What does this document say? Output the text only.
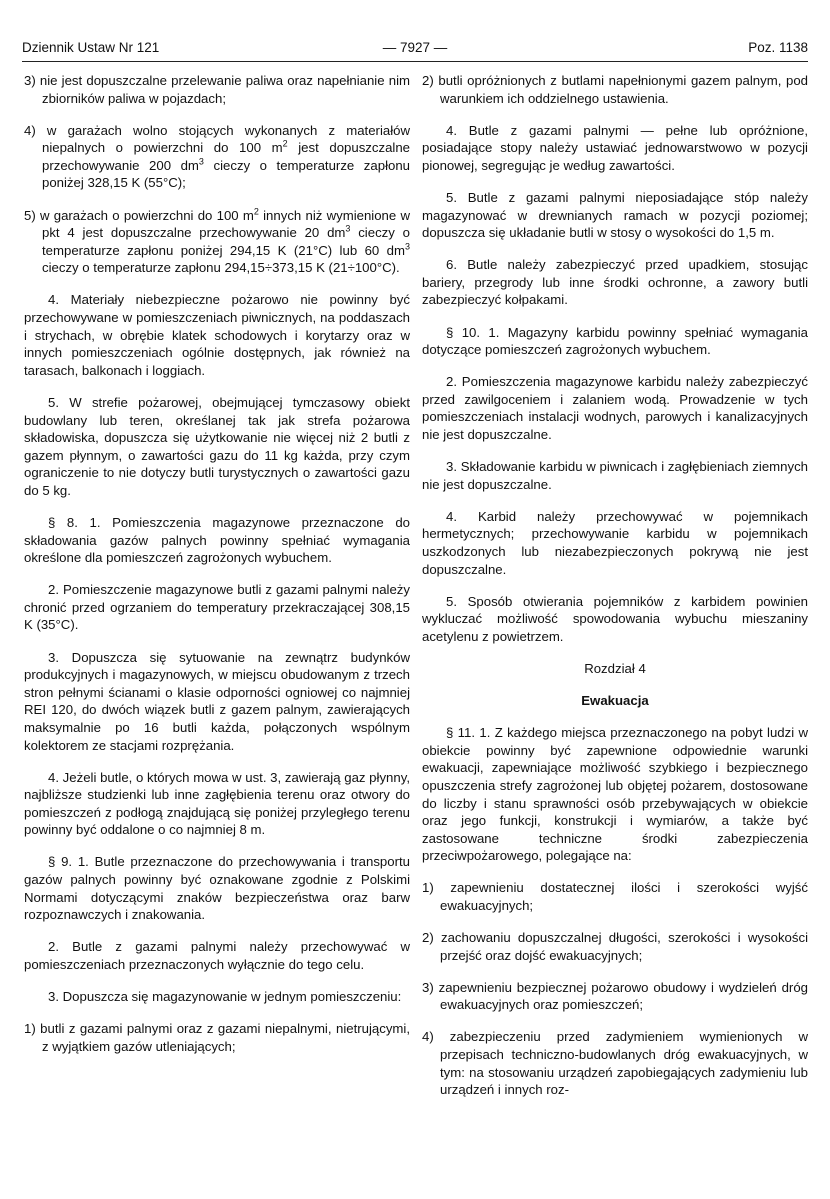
Dziennik Ustaw Nr 121	— 7927 —	Poz. 1138

3) nie jest dopuszczalne przelewanie paliwa oraz napełnianie nim zbiorników paliwa w pojazdach;

4) w garażach wolno stojących wykonanych z materiałów niepalnych o powierzchni do 100 $m^2$ jest dopuszczalne przechowywanie 200 $dm^3$ cieczy o temperaturze zapłonu poniżej 328,15 K (55°C);

5) w garażach o powierzchni do 100 $m^2$ innych niż wymienione w pkt 4 jest dopuszczalne przechowywanie 20 $dm^3$ cieczy o temperaturze zapłonu poniżej 294,15 K (21°C) lub 60 $dm^3$ cieczy o temperaturze zapłonu 294,15÷373,15 K (21÷100°C).

4. Materiały niebezpieczne pożarowo nie powinny być przechowywane w pomieszczeniach piwnicznych, na poddaszach i strychach, w obrębie klatek schodowych i korytarzy oraz w innych pomieszczeniach ogólnie dostępnych, jak również na tarasach, balkonach i loggiach.

5. W strefie pożarowej, obejmującej tymczasowy obiekt budowlany lub teren, określanej tak jak strefa pożarowa składowiska, dopuszcza się użytkowanie nie więcej niż 2 butli z gazem płynnym, o zawartości gazu do 11 kg każda, przy czym ograniczenie to nie dotyczy butli turystycznych o zawartości gazu do 5 kg.

§ 8. 1. Pomieszczenia magazynowe przeznaczone do składowania gazów palnych powinny spełniać wymagania określone dla pomieszczeń zagrożonych wybuchem.

2. Pomieszczenie magazynowe butli z gazami palnymi należy chronić przed ogrzaniem do temperatury przekraczającej 308,15 K (35°C).

3. Dopuszcza się sytuowanie na zewnątrz budynków produkcyjnych i magazynowych, w miejscu obudowanym z trzech stron pełnymi ścianami o klasie odporności ogniowej co najmniej REI 120, do dwóch wiązek butli z gazem palnym, zawierających maksymalnie po 16 butli każda, połączonych wspólnym kolektorem ze stacjami rozprężania.

4. Jeżeli butle, o których mowa w ust. 3, zawierają gaz płynny, najbliższe studzienki lub inne zagłębienia terenu oraz otwory do pomieszczeń z podłogą znajdującą się poniżej przyległego terenu powinny być oddalone o co najmniej 8 m.

§ 9. 1. Butle przeznaczone do przechowywania i transportu gazów palnych powinny być oznakowane zgodnie z Polskimi Normami dotyczącymi znaków bezpieczeństwa oraz barw rozpoznawczych i znakowania.

2. Butle z gazami palnymi należy przechowywać w pomieszczeniach przeznaczonych wyłącznie do tego celu.

3. Dopuszcza się magazynowanie w jednym pomieszczeniu:

1) butli z gazami palnymi oraz z gazami niepalnymi, nietrującymi, z wyjątkiem gazów utleniających;

2) butli opróżnionych z butlami napełnionymi gazem palnym, pod warunkiem ich oddzielnego ustawienia.

4. Butle z gazami palnymi — pełne lub opróżnione, posiadające stopy należy ustawiać jednowarstwowo w pozycji pionowej, segregując je według zawartości.

5. Butle z gazami palnymi nieposiadające stóp należy magazynować w drewnianych ramach w pozycji poziomej; dopuszcza się układanie butli w stosy o wysokości do 1,5 m.

6. Butle należy zabezpieczyć przed upadkiem, stosując bariery, przegrody lub inne środki ochronne, a zawory butli zabezpieczyć kołpakami.

§ 10. 1. Magazyny karbidu powinny spełniać wymagania dotyczące pomieszczeń zagrożonych wybuchem.

2. Pomieszczenia magazynowe karbidu należy zabezpieczyć przed zawilgoceniem i zalaniem wodą. Prowadzenie w tych pomieszczeniach instalacji wodnych, parowych i kanalizacyjnych nie jest dopuszczalne.

3. Składowanie karbidu w piwnicach i zagłębieniach ziemnych nie jest dopuszczalne.

4. Karbid należy przechowywać w pojemnikach hermetycznych; przechowywanie karbidu w pojemnikach uszkodzonych lub niezabezpieczonych pokrywą nie jest dopuszczalne.

5. Sposób otwierania pojemników z karbidem powinien wykluczać możliwość spowodowania wybuchu mieszaniny acetylenu z powietrzem.

Rozdział 4

Ewakuacja

§ 11. 1. Z każdego miejsca przeznaczonego na pobyt ludzi w obiekcie powinny być zapewnione odpowiednie warunki ewakuacji, zapewniające możliwość szybkiego i bezpiecznego opuszczenia strefy zagrożonej lub objętej pożarem, dostosowane do liczby i stanu sprawności osób przebywających w obiekcie oraz jego funkcji, konstrukcji i wymiarów, a także być zastosowane techniczne środki zabezpieczenia przeciwpożarowego, polegające na:

1) zapewnieniu dostatecznej ilości i szerokości wyjść ewakuacyjnych;

2) zachowaniu dopuszczalnej długości, szerokości i wysokości przejść oraz dojść ewakuacyjnych;

3) zapewnieniu bezpiecznej pożarowo obudowy i wydzieleń dróg ewakuacyjnych oraz pomieszczeń;

4) zabezpieczeniu przed zadymieniem wymienionych w przepisach techniczno-budowlanych dróg ewakuacyjnych, w tym: na stosowaniu urządzeń zapobiegających zadymieniu lub urządzeń i innych roz-
